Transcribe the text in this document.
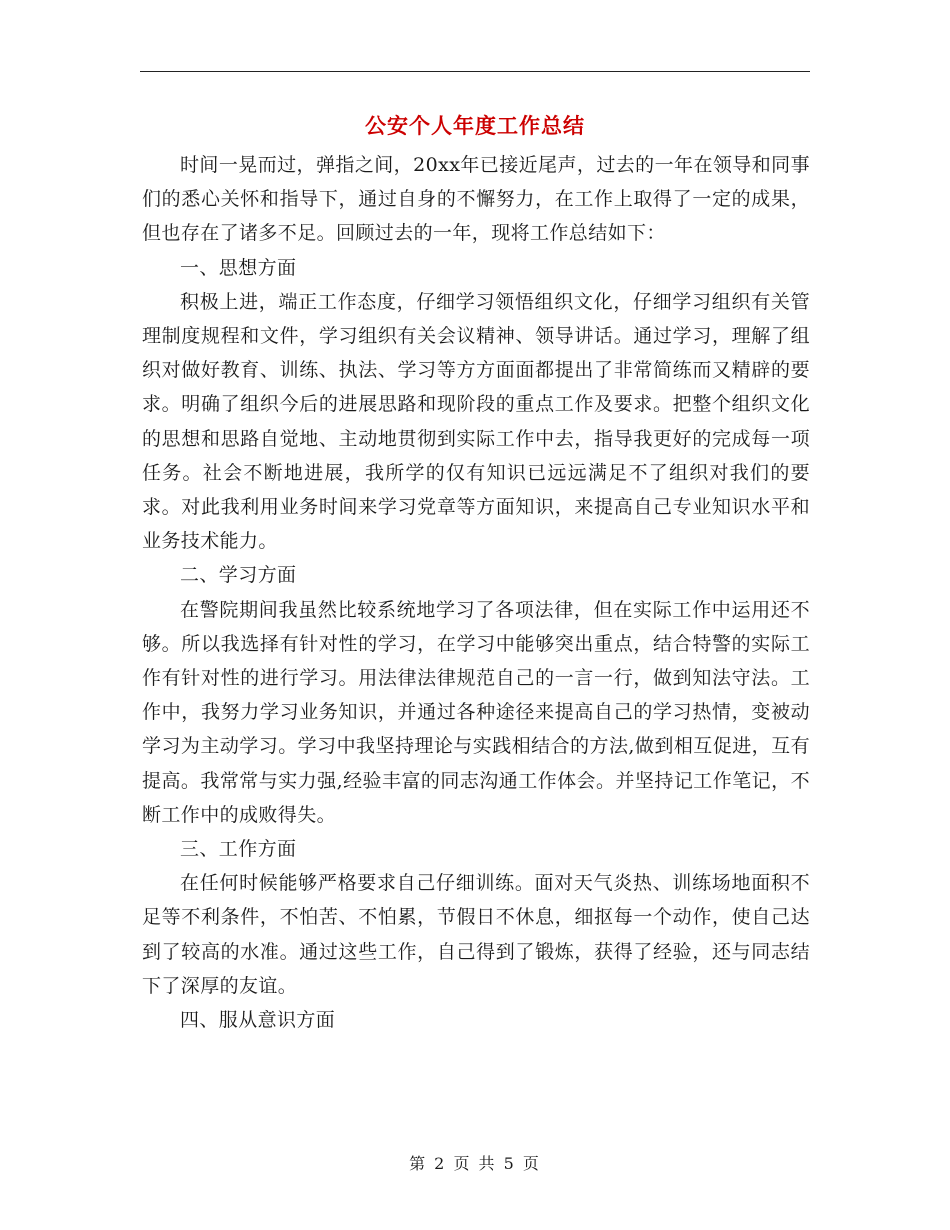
公安个人年度工作总结

时间一晃而过，弹指之间，20xx年已接近尾声，过去的一年在领导和同事们的悉心关怀和指导下，通过自身的不懈努力，在工作上取得了一定的成果，但也存在了诸多不足。回顾过去的一年，现将工作总结如下：

一、思想方面

积极上进，端正工作态度，仔细学习领悟组织文化，仔细学习组织有关管理制度规程和文件，学习组织有关会议精神、领导讲话。通过学习，理解了组织对做好教育、训练、执法、学习等方方面面都提出了非常简练而又精辟的要求。明确了组织今后的进展思路和现阶段的重点工作及要求。把整个组织文化的思想和思路自觉地、主动地贯彻到实际工作中去，指导我更好的完成每一项任务。社会不断地进展，我所学的仅有知识已远远满足不了组织对我们的要求。对此我利用业务时间来学习党章等方面知识，来提高自己专业知识水平和业务技术能力。

二、学习方面

在警院期间我虽然比较系统地学习了各项法律，但在实际工作中运用还不够。所以我选择有针对性的学习，在学习中能够突出重点，结合特警的实际工作有针对性的进行学习。用法律法律规范自己的一言一行，做到知法守法。工作中，我努力学习业务知识，并通过各种途径来提高自己的学习热情，变被动学习为主动学习。学习中我坚持理论与实践相结合的方法,做到相互促进，互有提高。我常常与实力强,经验丰富的同志沟通工作体会。并坚持记工作笔记，不断工作中的成败得失。

三、工作方面

在任何时候能够严格要求自己仔细训练。面对天气炎热、训练场地面积不足等不利条件，不怕苦、不怕累，节假日不休息，细抠每一个动作，使自己达到了较高的水准。通过这些工作，自己得到了锻炼，获得了经验，还与同志结下了深厚的友谊。

四、服从意识方面

第 2 页 共 5 页
